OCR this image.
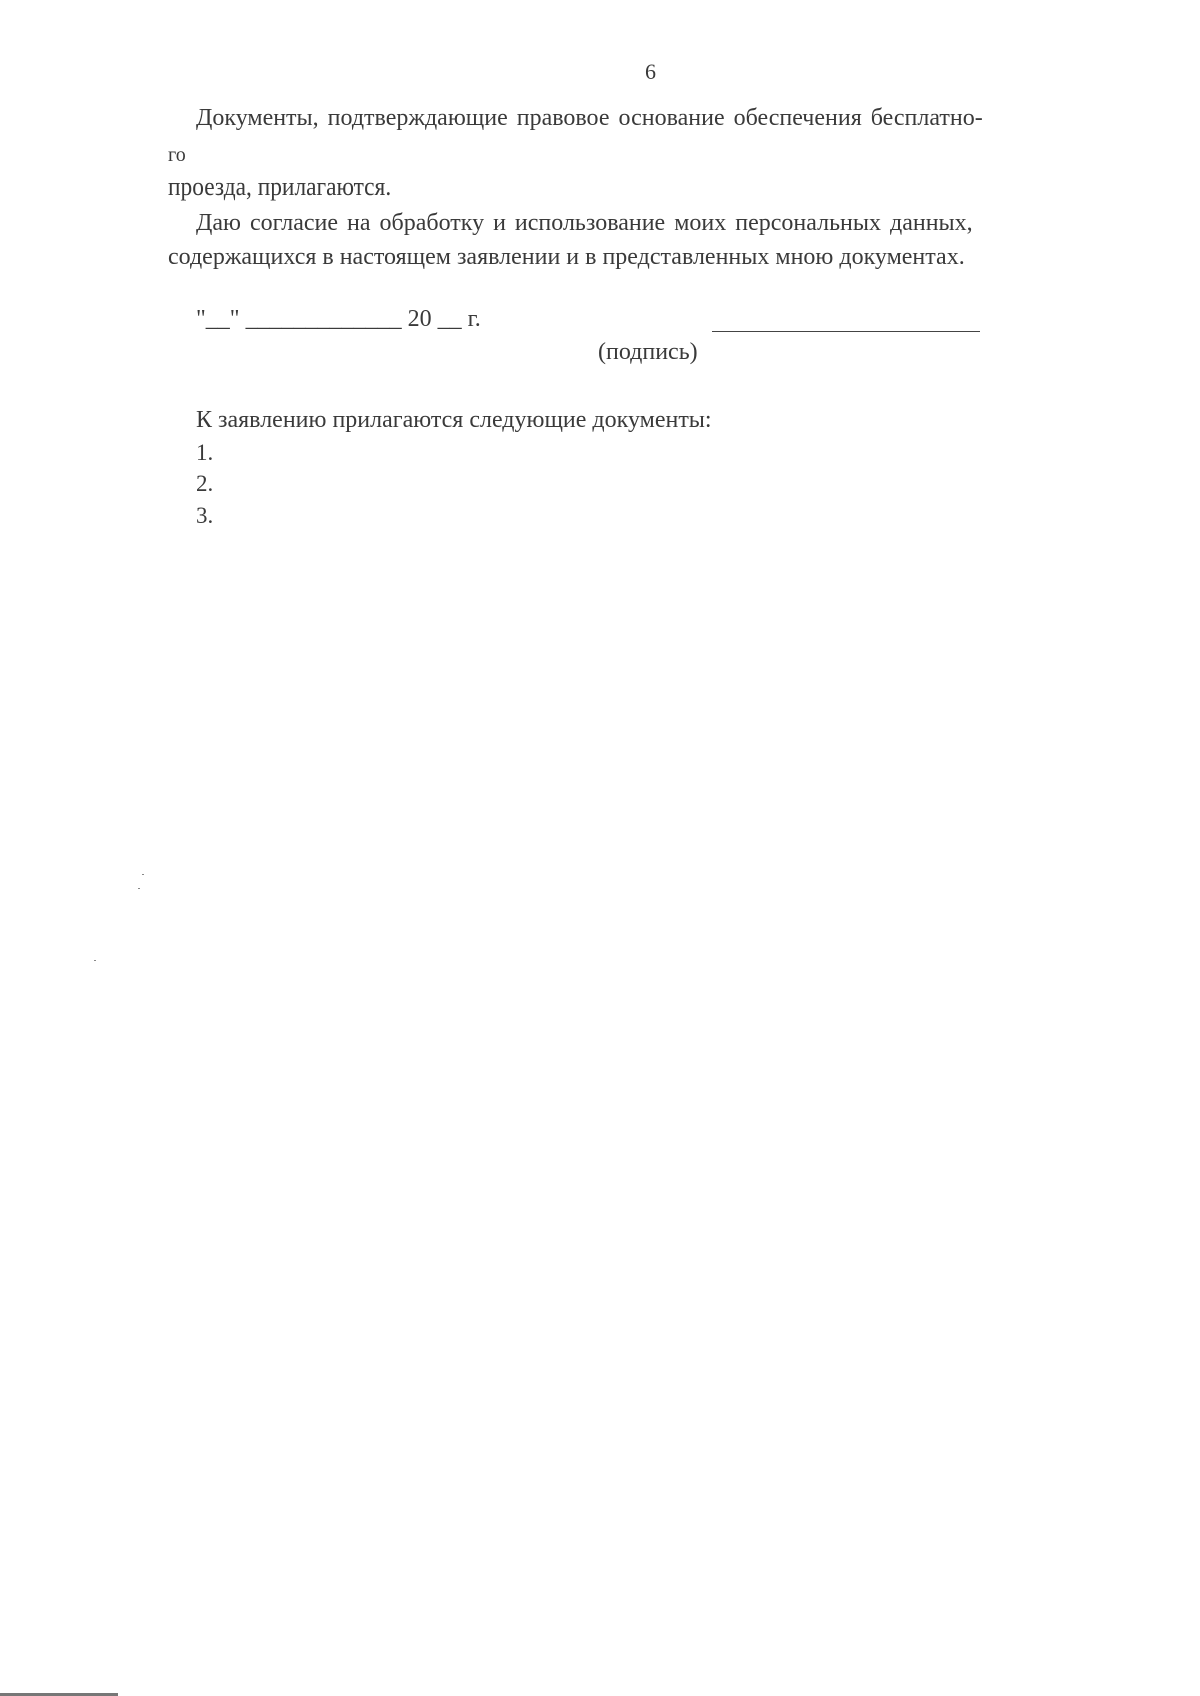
6
Документы, подтверждающие правовое основание обеспечения бесплатно-
го
проезда, прилагаются.
Даю согласие на обработку и использование моих персональных данных,
содержащихся в настоящем заявлении и в представленных мною документах.
"__" _____________ 20 __ г.
(подпись)
К заявлению прилагаются следующие документы:
1.
2.
3.
